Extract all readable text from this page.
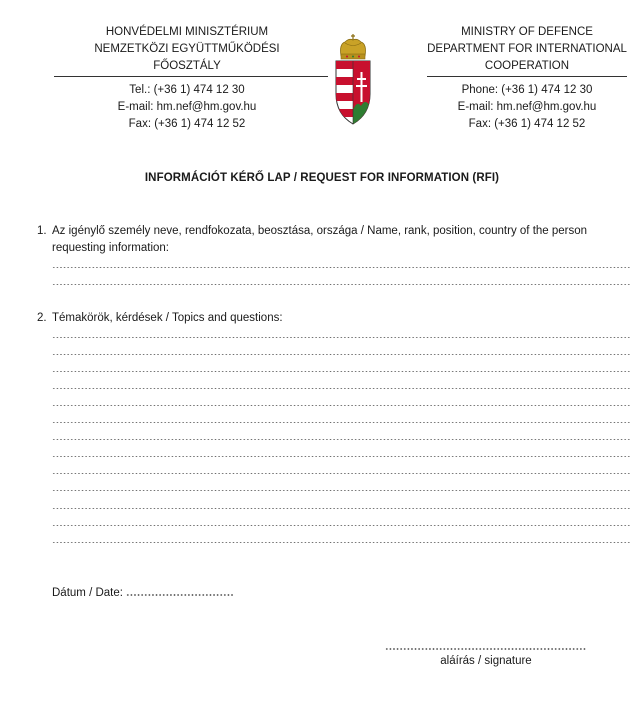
HONVÉDELMI MINISZTÉRIUM
NEMZETKÖZI EGYÜTTMŰKÖDÉSI
FŐOSZTÁLY
Tel.: (+36 1) 474 12 30
E-mail: hm.nef@hm.gov.hu
Fax: (+36 1) 474 12 52
MINISTRY OF DEFENCE
DEPARTMENT FOR INTERNATIONAL
COOPERATION
Phone: (+36 1) 474 12 30
E-mail: hm.nef@hm.gov.hu
Fax: (+36 1) 474 12 52
INFORMÁCIÓT KÉRŐ LAP / REQUEST FOR INFORMATION (RFI)
1. Az igénylő személy neve, rendfokozata, beosztása, országa / Name, rank, position, country of the person requesting information:
2. Témakörök, kérdések / Topics and questions:
Dátum / Date:
aláírás / signature
